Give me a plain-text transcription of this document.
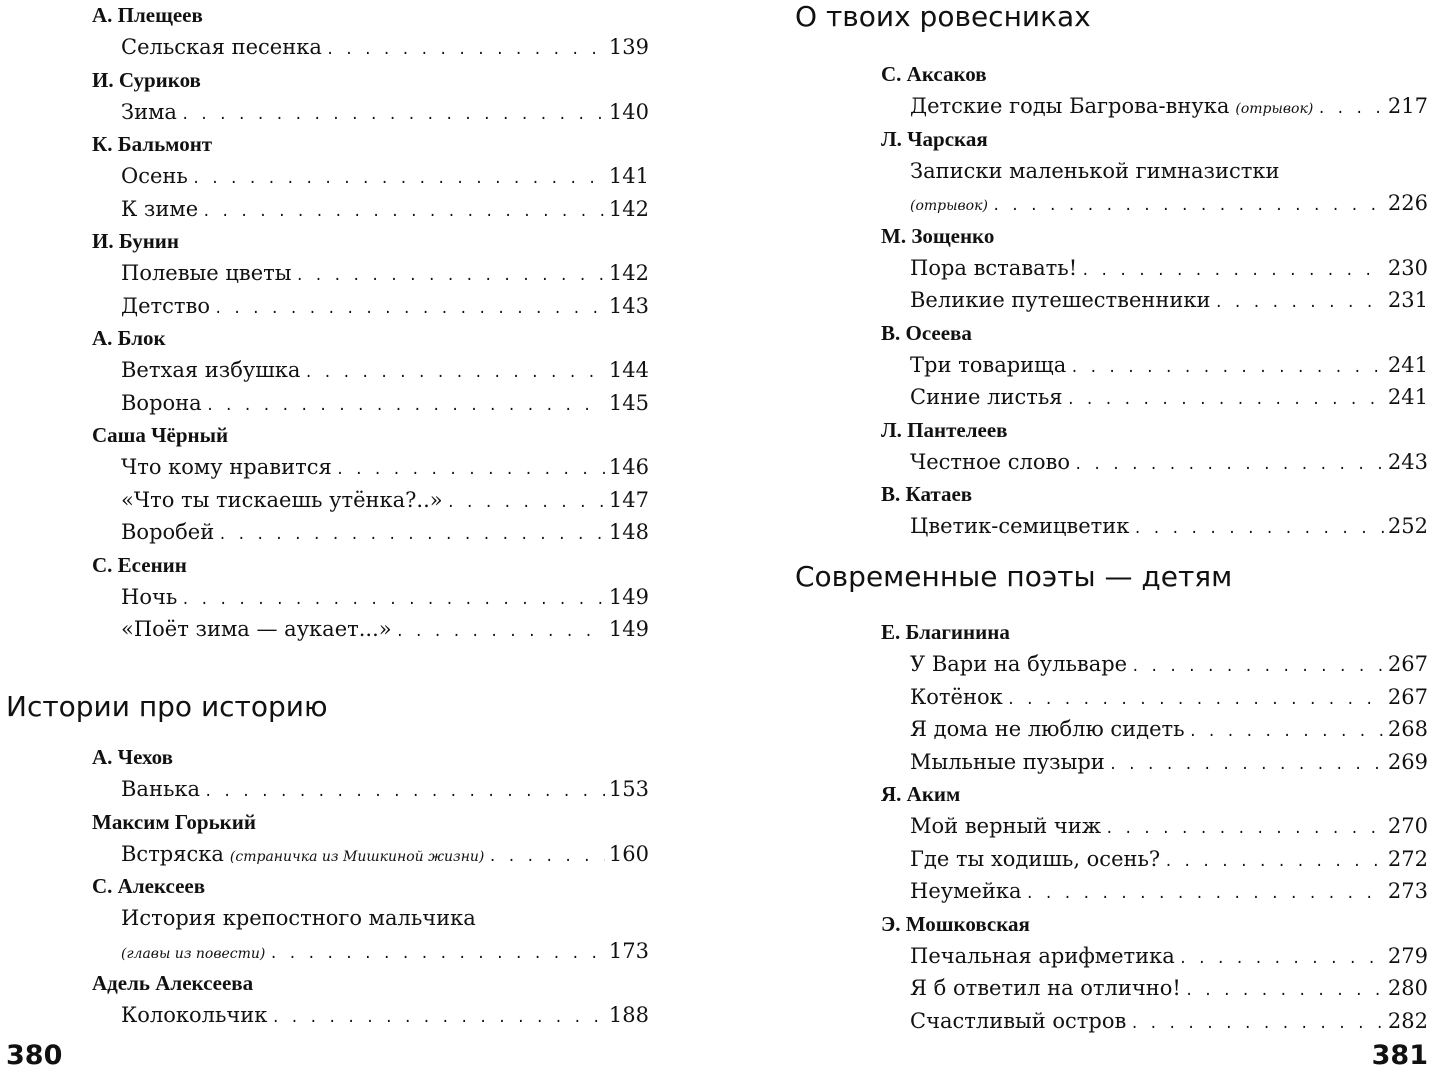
А. Плещеев
Сельская песенка . . .	139
И. Суриков
Зима . . .	140
К. Бальмонт
Осень . . .	141
К зиме . . .	142
И. Бунин
Полевые цветы . . .	142
Детство . . .	143
А. Блок
Ветхая избушка . . .	144
Ворона . . .	145
Саша Чёрный
Что кому нравится . . .	146
«Что ты тискаешь утёнка?..» . . .	147
Воробей . . .	148
С. Есенин
Ночь . . .	149
«Поёт зима — аукает...» . . .	149
Истории про историю
А. Чехов
Ванька . . .	153
Максим Горький
Встряска (страничка из Мишкиной жизни) . . .	160
С. Алексеев
История крепостного мальчика
(главы из повести) . . .	173
Адель Алексеева
Колокольчик . . .	188
380
О твоих ровесниках
С. Аксаков
Детские годы Багрова-внука (отрывок) . . .	217
Л. Чарская
Записки маленькой гимназистки
(отрывок) . . .	226
М. Зощенко
Пора вставать! . . .	230
Великие путешественники . . .	231
В. Осеева
Три товарища . . .	241
Синие листья . . .	241
Л. Пантелеев
Честное слово . . .	243
В. Катаев
Цветик-семицветик . . .	252
Современные поэты — детям
Е. Благинина
У Вари на бульваре . . .	267
Котёнок . . .	267
Я дома не люблю сидеть . . .	268
Мыльные пузыри . . .	269
Я. Аким
Мой верный чиж . . .	270
Где ты ходишь, осень? . . .	272
Неумейка . . .	273
Э. Мошковская
Печальная арифметика . . .	279
Я б ответил на отлично! . . .	280
Счастливый остров . . .	282
381
